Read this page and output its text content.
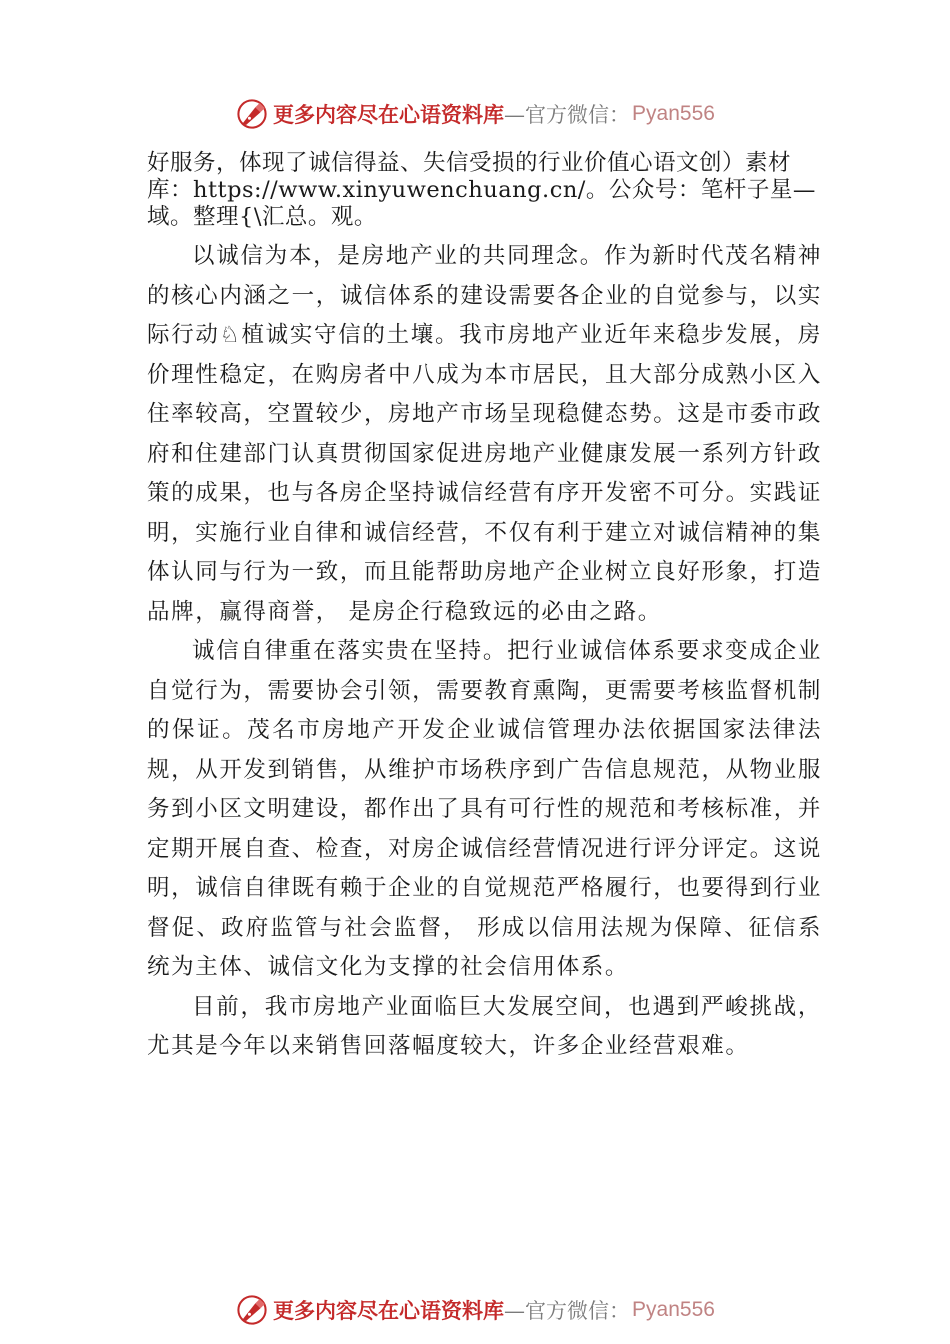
更多内容尽在心语资料库 —官方微信： Pyan556

好服务，体现了诚信得益、失信受损的行业价值心语文创）素材库：https://www.xinyuwenchuang.cn/。公众号：笔杆子星—域。整理{\汇总。观。

以诚信为本，是房地产业的共同理念。作为新时代茂名精神的核心内涵之一，诚信体系的建设需要各企业的自觉参与，以实际行动♘植诚实守信的土壤。我市房地产业近年来稳步发展，房价理性稳定，在购房者中八成为本市居民，且大部分成熟小区入住率较高，空置较少，房地产市场呈现稳健态势。这是市委市政府和住建部门认真贯彻国家促进房地产业健康发展一系列方针政策的成果，也与各房企坚持诚信经营有序开发密不可分。实践证明，实施行业自律和诚信经营，不仅有利于建立对诚信精神的集体认同与行为一致，而且能帮助房地产企业树立良好形象，打造品牌，赢得商誉， 是房企行稳致远的必由之路。

诚信自律重在落实贵在坚持。把行业诚信体系要求变成企业自觉行为，需要协会引领，需要教育熏陶，更需要考核监督机制的保证。茂名市房地产开发企业诚信管理办法依据国家法律法规，从开发到销售，从维护市场秩序到广告信息规范，从物业服务到小区文明建设，都作出了具有可行性的规范和考核标准，并定期开展自查、检查，对房企诚信经营情况进行评分评定。这说明，诚信自律既有赖于企业的自觉规范严格履行，也要得到行业督促、政府监管与社会监督， 形成以信用法规为保障、征信系统为主体、诚信文化为支撑的社会信用体系。

目前，我市房地产业面临巨大发展空间，也遇到严峻挑战，尤其是今年以来销售回落幅度较大，许多企业经营艰难。

更多内容尽在心语资料库 —官方微信： Pyan556
